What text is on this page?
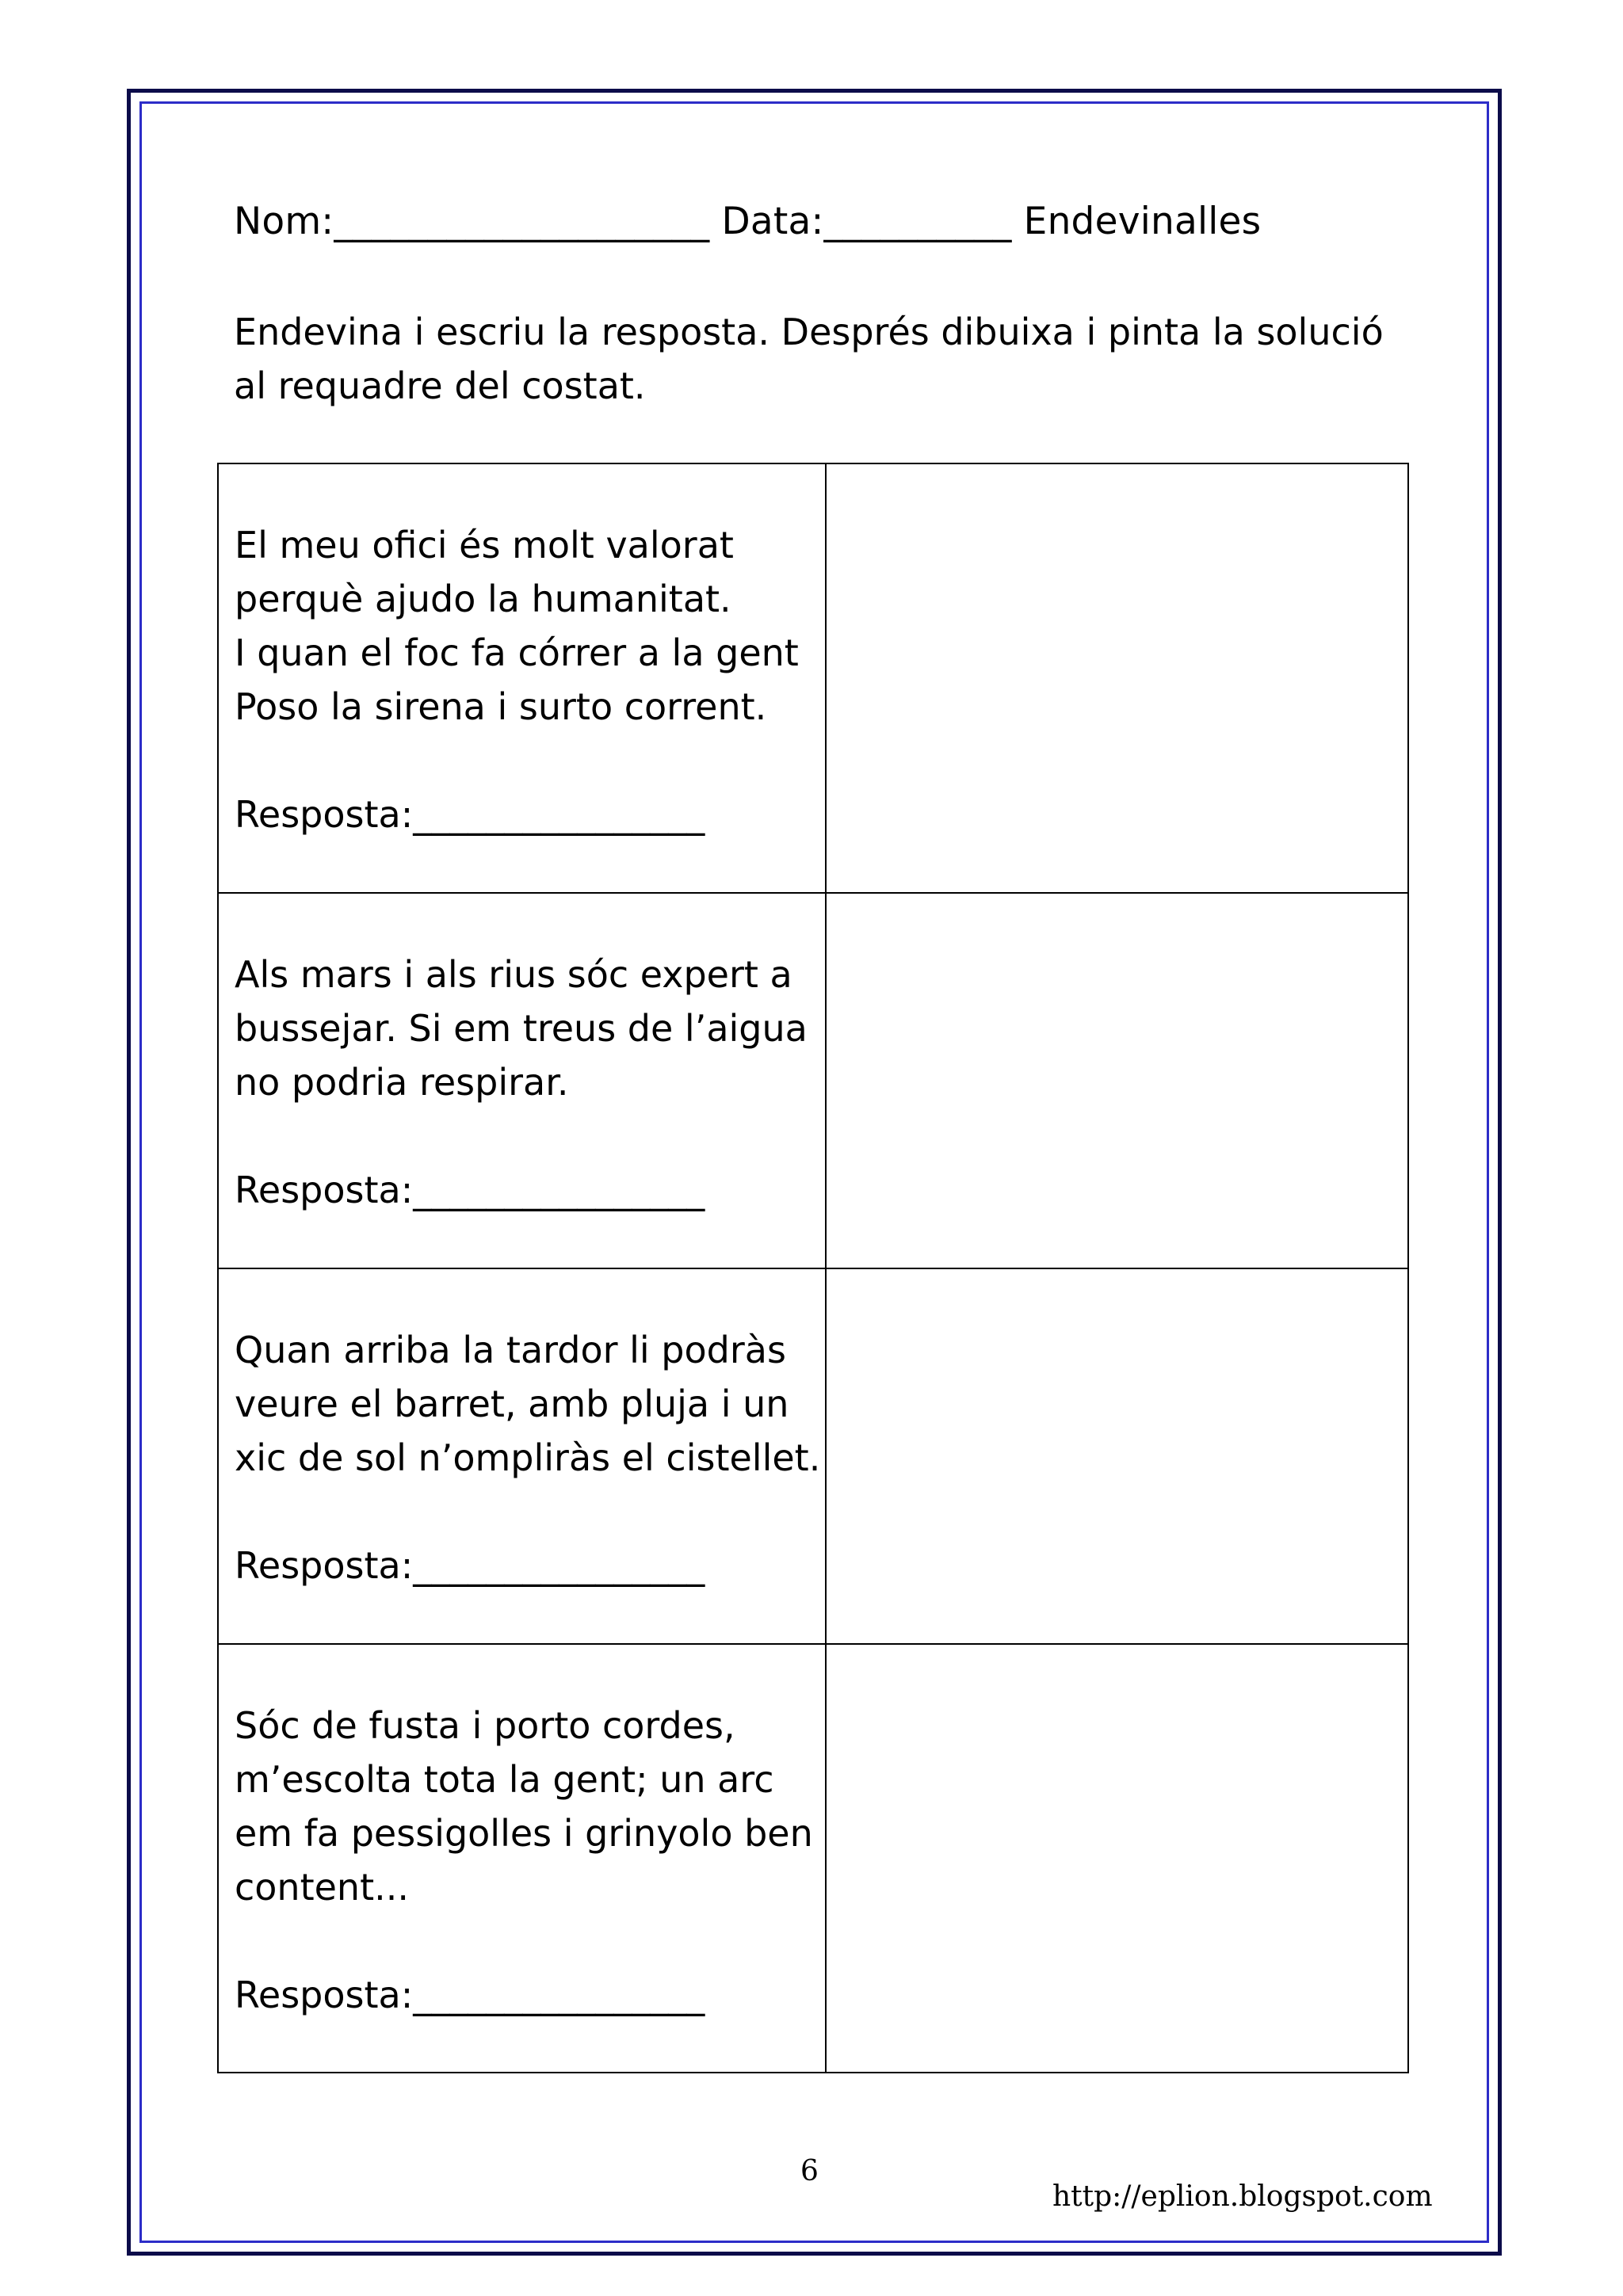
Nom:____________________ Data:__________ Endevinalles
Endevina i escriu la resposta. Després dibuixa i pinta la solució al requadre del costat.
El meu ofici és molt valorat
perquè ajudo la humanitat.
I quan el foc fa córrer a la gent
Poso la sirena i surto corrent.
Resposta:________________	

Als mars i als rius sóc expert a
bussejar. Si em treus de l’aigua
no podria respirar.
Resposta:________________	

Quan arriba la tardor li podràs
veure el barret, amb pluja i un
xic de sol n’ompliràs el cistellet.
Resposta:________________	

Sóc de fusta i porto cordes,
m’escolta tota la gent; un arc
em fa pessigolles i grinyolo ben
content...
Resposta:________________	

6
http://eplion.blogspot.com
